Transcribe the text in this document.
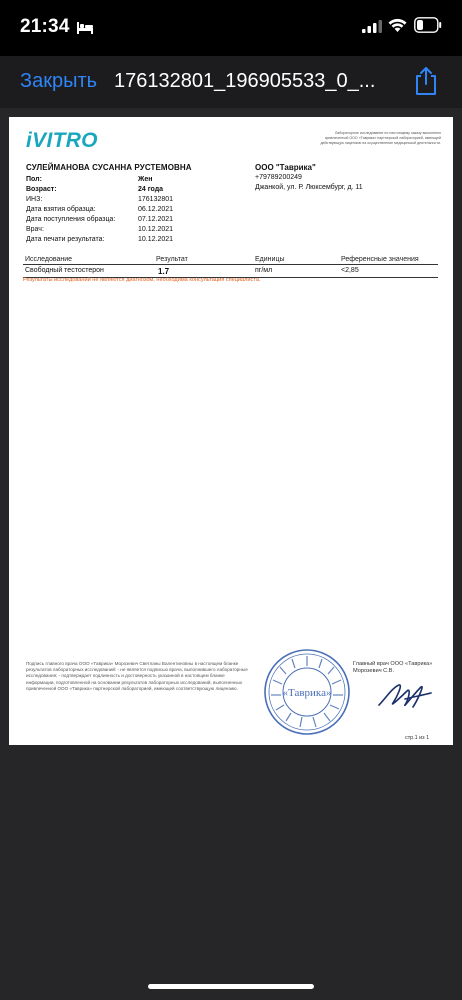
21:34
Закрыть 176132801_196905533_0_...
iVITRO	Лабораторное исследование по настоящему заказу выполнено привлеченной ООО «Таврика» партнерской лабораторией, имеющей действующую лицензию на осуществление медицинской деятельности.
СУЛЕЙМАНОВА СУСАННА РУСТЕМОВНА
Пол:	Жен
Возраст:	24 года
ИНЗ:	176132801
Дата взятия образца:	06.12.2021
Дата поступления образца:	07.12.2021
Врач:	10.12.2021
Дата печати результата:	10.12.2021
ООО "Таврика"
+79789200249
Джанкой, ул. Р. Люксембург, д. 11
Исследование	Результат	Единицы	Референсные значения
Свободный тестостерон	1.7	пг/мл	<2,85
Результаты исследований не являются диагнозом, необходима консультация специалиста.
Подпись главного врача ООО «Таврика» Морозевич Светланы Валентиновны в настоящем бланке результатов лабораторных исследований: - не является подписью врача, выполнившего лабораторные исследования; - подтверждает подлинность и достоверность указанной в настоящем бланке информации, подготовленной на основании результатов лабораторных исследований, выполненных привлеченной ООО «Таврика» партнерской лабораторией, имеющей соответствующую лицензию.	«Таврика»
Главный врач ООО «Таврика»
Морозевич С.В.
стр.1 из 1
